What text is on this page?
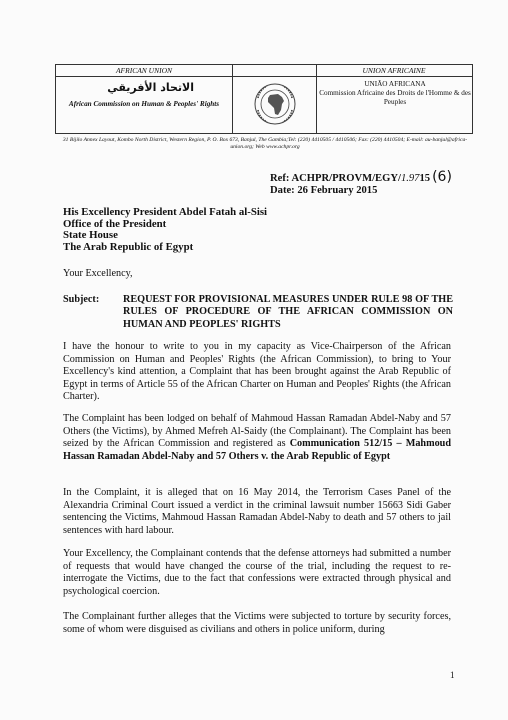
AFRICAN UNION	UNION AFRICAINE
الاتحاد الأفريقي
African Commission on Human & Peoples' Rights
UNIÃO AFRICANA
Commission Africaine des Droits de l'Homme & des Peuples
31 Bijilo Annex Layout, Kombo North District, Western Region, P. O. Box 673, Banjul, The Gambia;Tel: (220) 4410505 / 4410506; Fax: (220) 4410504; E-mail: au-banjul@africa-union.org; Web www.achpr.org
Ref: ACHPR/PROVM/EGY/1.9715 (6)
Date: 26 February 2015
His Excellency President Abdel Fatah al-Sisi
Office of the President
State House
The Arab Republic of Egypt
Your Excellency,
Subject: REQUEST FOR PROVISIONAL MEASURES UNDER RULE 98 OF THE RULES OF PROCEDURE OF THE AFRICAN COMMISSION ON HUMAN AND PEOPLES' RIGHTS
I have the honour to write to you in my capacity as Vice-Chairperson of the African Commission on Human and Peoples' Rights (the African Commission), to bring to Your Excellency's kind attention, a Complaint that has been brought against the Arab Republic of Egypt in terms of Article 55 of the African Charter on Human and Peoples' Rights (the African Charter).
The Complaint has been lodged on behalf of Mahmoud Hassan Ramadan Abdel-Naby and 57 Others (the Victims), by Ahmed Mefreh Al-Saidy (the Complainant). The Complaint has been seized by the African Commission and registered as Communication 512/15 – Mahmoud Hassan Ramadan Abdel-Naby and 57 Others v. the Arab Republic of Egypt
In the Complaint, it is alleged that on 16 May 2014, the Terrorism Cases Panel of the Alexandria Criminal Court issued a verdict in the criminal lawsuit number 15663 Sidi Gaber sentencing the Victims, Mahmoud Hassan Ramadan Abdel-Naby to death and 57 others to jail sentences with hard labour.
Your Excellency, the Complainant contends that the defense attorneys had submitted a number of requests that would have changed the course of the trial, including the request to re-interrogate the Victims, due to the fact that confessions were extracted through physical and psychological coercion.
The Complainant further alleges that the Victims were subjected to torture by security forces, some of whom were disguised as civilians and others in police uniform, during
1
